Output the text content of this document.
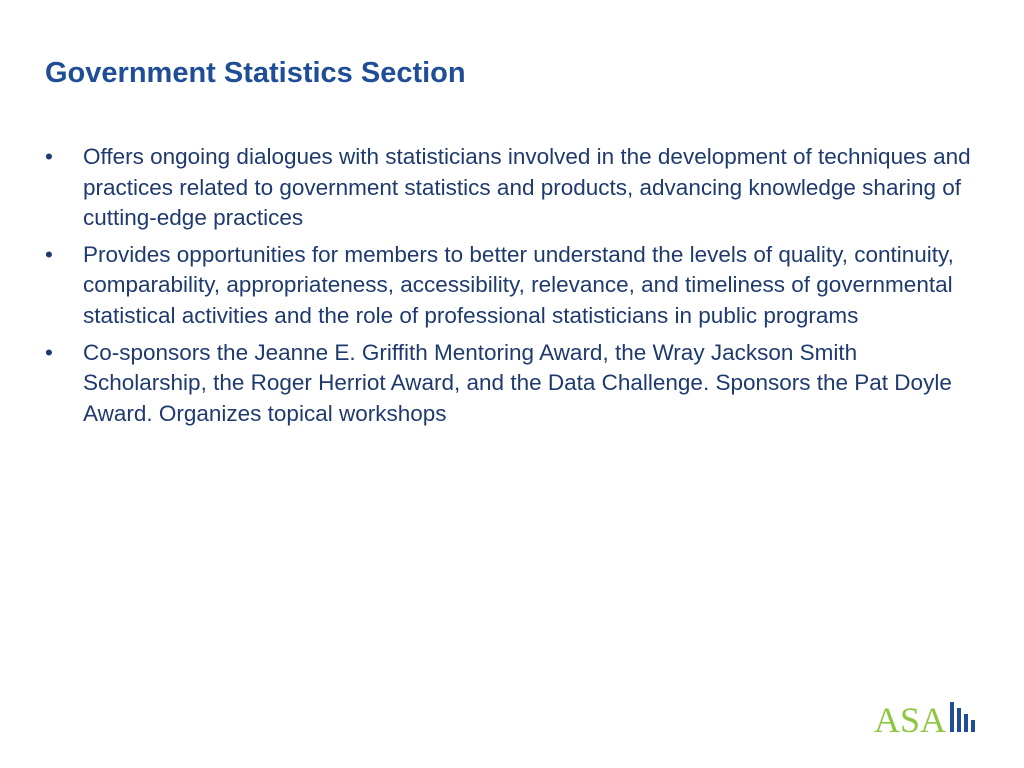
Government Statistics Section
•	Offers ongoing dialogues with statisticians involved in the development of techniques and practices related to government statistics and products, advancing knowledge sharing of cutting-edge practices
•	Provides opportunities for members to better understand the levels of quality, continuity, comparability, appropriateness, accessibility, relevance, and timeliness of governmental statistical activities and the role of professional statisticians in public programs
•	Co-sponsors the Jeanne E. Griffith Mentoring Award, the Wray Jackson Smith Scholarship, the Roger Herriot Award, and the Data Challenge. Sponsors the Pat Doyle Award. Organizes topical workshops
ASA
